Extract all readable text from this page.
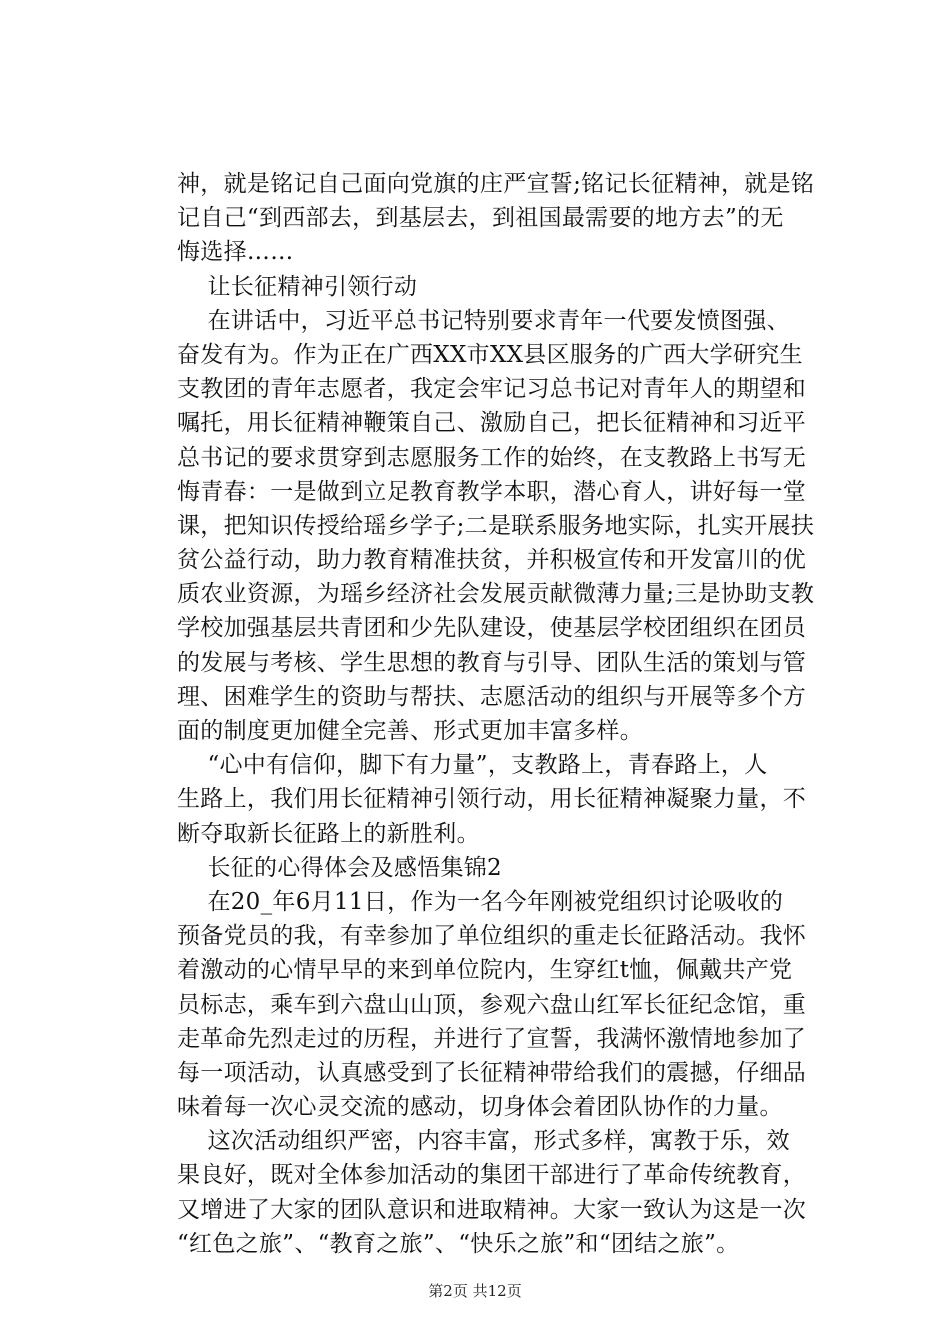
神，就是铭记自己面向党旗的庄严宣誓;铭记长征精神，就是铭
记自己“到西部去，到基层去，到祖国最需要的地方去”的无
悔选择……
让长征精神引领行动
在讲话中，习近平总书记特别要求青年一代要发愤图强、
奋发有为。作为正在广西XX市XX县区服务的广西大学研究生
支教团的青年志愿者，我定会牢记习总书记对青年人的期望和
嘱托，用长征精神鞭策自己、激励自己，把长征精神和习近平
总书记的要求贯穿到志愿服务工作的始终，在支教路上书写无
悔青春：一是做到立足教育教学本职，潜心育人，讲好每一堂
课，把知识传授给瑶乡学子;二是联系服务地实际，扎实开展扶
贫公益行动，助力教育精准扶贫，并积极宣传和开发富川的优
质农业资源，为瑶乡经济社会发展贡献微薄力量;三是协助支教
学校加强基层共青团和少先队建设，使基层学校团组织在团员
的发展与考核、学生思想的教育与引导、团队生活的策划与管
理、困难学生的资助与帮扶、志愿活动的组织与开展等多个方
面的制度更加健全完善、形式更加丰富多样。
“心中有信仰，脚下有力量”，支教路上，青春路上，人
生路上，我们用长征精神引领行动，用长征精神凝聚力量，不
断夺取新长征路上的新胜利。
长征的心得体会及感悟集锦2
在20_年6月11日，作为一名今年刚被党组织讨论吸收的
预备党员的我，有幸参加了单位组织的重走长征路活动。我怀
着激动的心情早早的来到单位院内，生穿红t恤，佩戴共产党
员标志，乘车到六盘山山顶，参观六盘山红军长征纪念馆，重
走革命先烈走过的历程，并进行了宣誓，我满怀激情地参加了
每一项活动，认真感受到了长征精神带给我们的震撼，仔细品
味着每一次心灵交流的感动，切身体会着团队协作的力量。
这次活动组织严密，内容丰富，形式多样，寓教于乐，效
果良好，既对全体参加活动的集团干部进行了革命传统教育，
又增进了大家的团队意识和进取精神。大家一致认为这是一次
“红色之旅”、“教育之旅”、“快乐之旅”和“团结之旅”。
第2页 共12页
